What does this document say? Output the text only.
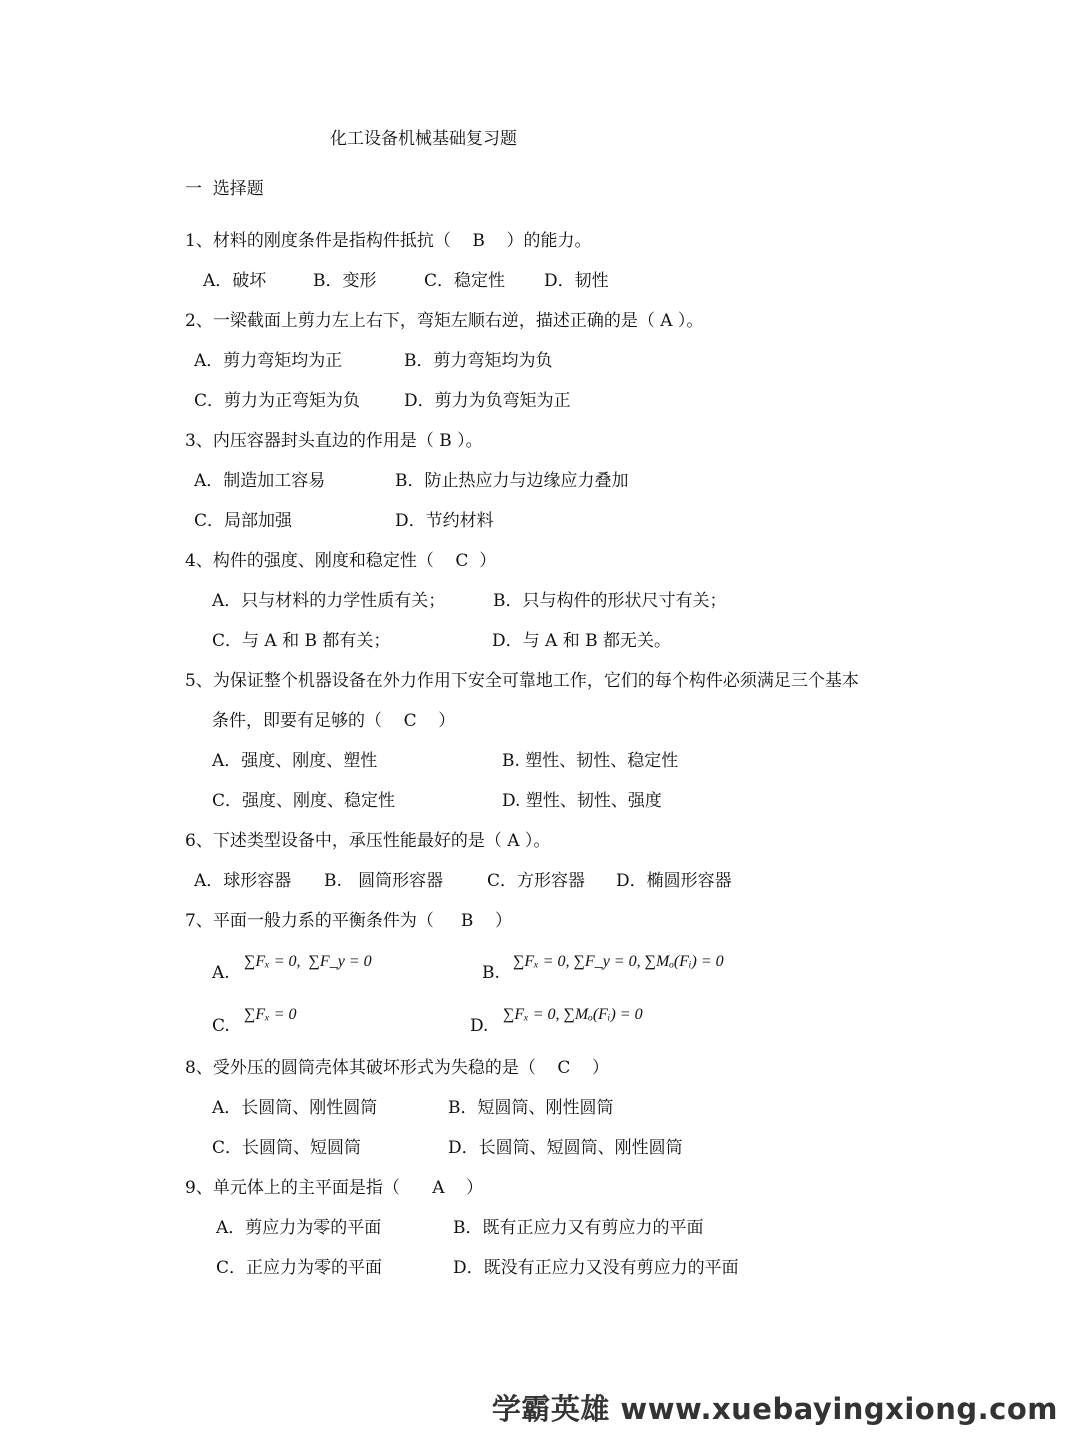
化工设备机械基础复习题
一  选择题
1、材料的刚度条件是指构件抵抗（    B    ）的能力。
A．破坏	B．变形	C．稳定性 D．韧性
2、一梁截面上剪力左上右下，弯矩左顺右逆，描述正确的是（ A ）。
A．剪力弯矩均为正	B．剪力弯矩均为负
C．剪力为正弯矩为负	D．剪力为负弯矩为正
3、内压容器封头直边的作用是（ B ）。
A．制造加工容易	B．防止热应力与边缘应力叠加
C．局部加强	D．节约材料
4、构件的强度、刚度和稳定性（    C  ）
A．只与材料的力学性质有关；	B．只与构件的形状尺寸有关；
C．与 A 和 B 都有关；	D．与 A 和 B 都无关。
5、为保证整个机器设备在外力作用下安全可靠地工作，它们的每个构件必须满足三个基本
条件，即要有足够的（    C    ）
A．强度、刚度、塑性	B. 塑性、韧性、稳定性
C．强度、刚度、稳定性	D. 塑性、韧性、强度
6、下述类型设备中，承压性能最好的是（ A ）。
A．球形容器 B.   圆筒形容器	C．方形容器 D．椭圆形容器
7、平面一般力系的平衡条件为（     B    ）
A.
∑Fₓ = 0,  ∑F_y = 0
B.
∑Fₓ = 0, ∑F_y = 0, ∑Mₒ(Fᵢ) = 0
C.
∑Fₓ = 0
D.
∑Fₓ = 0, ∑Mₒ(Fᵢ) = 0
8、受外压的圆筒壳体其破坏形式为失稳的是（    C    ）
A．长圆筒、刚性圆筒	B．短圆筒、刚性圆筒
C．长圆筒、短圆筒	D．长圆筒、短圆筒、刚性圆筒
9、单元体上的主平面是指（      A    ）
A．剪应力为零的平面	B．既有正应力又有剪应力的平面
C．正应力为零的平面	D．既没有正应力又没有剪应力的平面
学霸英雄 www.xuebayingxiong.com
